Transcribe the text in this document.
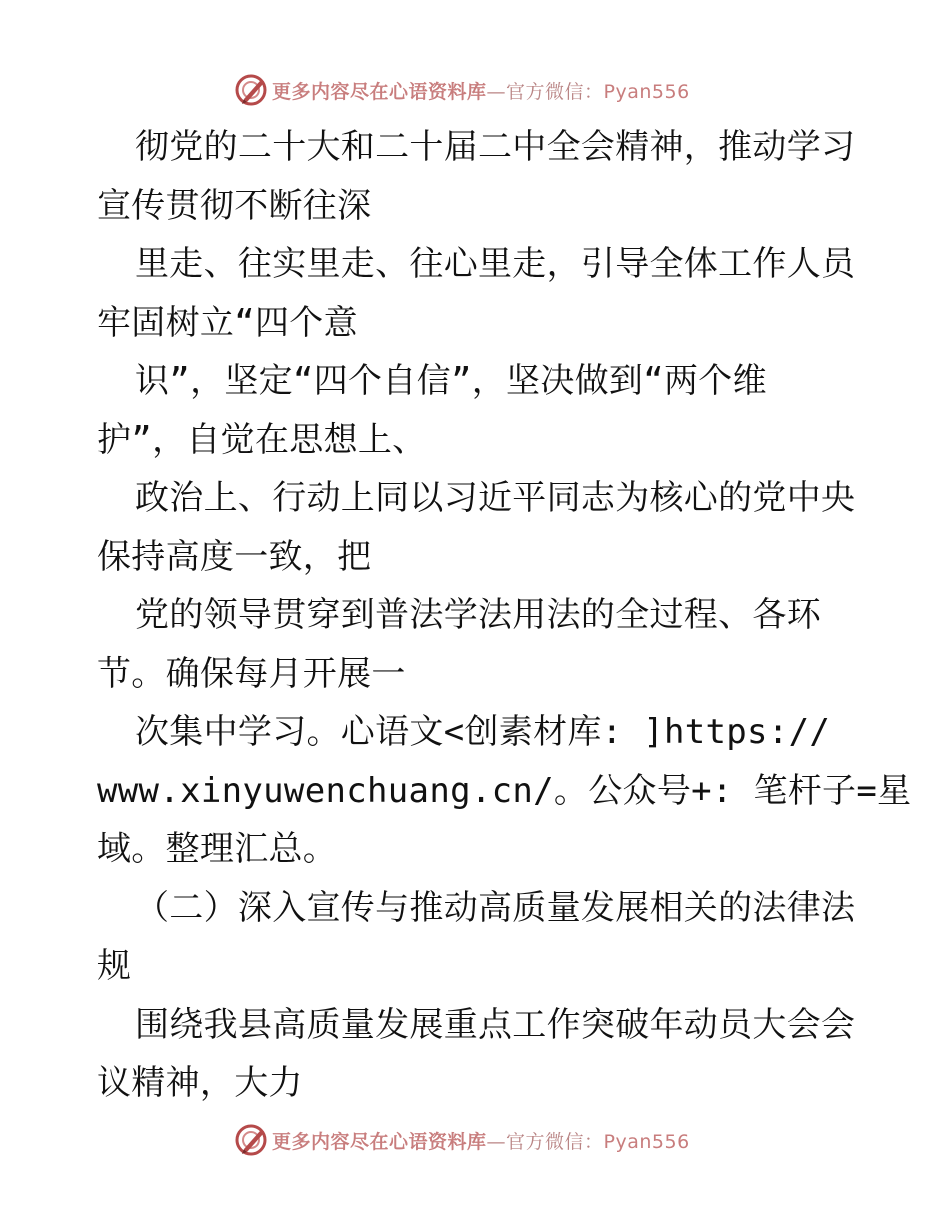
更多内容尽在心语资料库—官方微信：Pyan556
彻党的二十大和二十届二中全会精神，推动学习
宣传贯彻不断往深
里走、往实里走、往心里走，引导全体工作人员
牢固树立“四个意
识”，坚定“四个自信”，坚决做到“两个维
护”，自觉在思想上、
政治上、行动上同以习近平同志为核心的党中央
保持高度一致，把
党的领导贯穿到普法学法用法的全过程、各环
节。确保每月开展一
次集中学习。心语文<创素材库: ]https://
www.xinyuwenchuang.cn/。公众号+: 笔杆子=星
域。整理汇总。
（二）深入宣传与推动高质量发展相关的法律法
规
围绕我县高质量发展重点工作突破年动员大会会
议精神，大力
更多内容尽在心语资料库—官方微信：Pyan556
